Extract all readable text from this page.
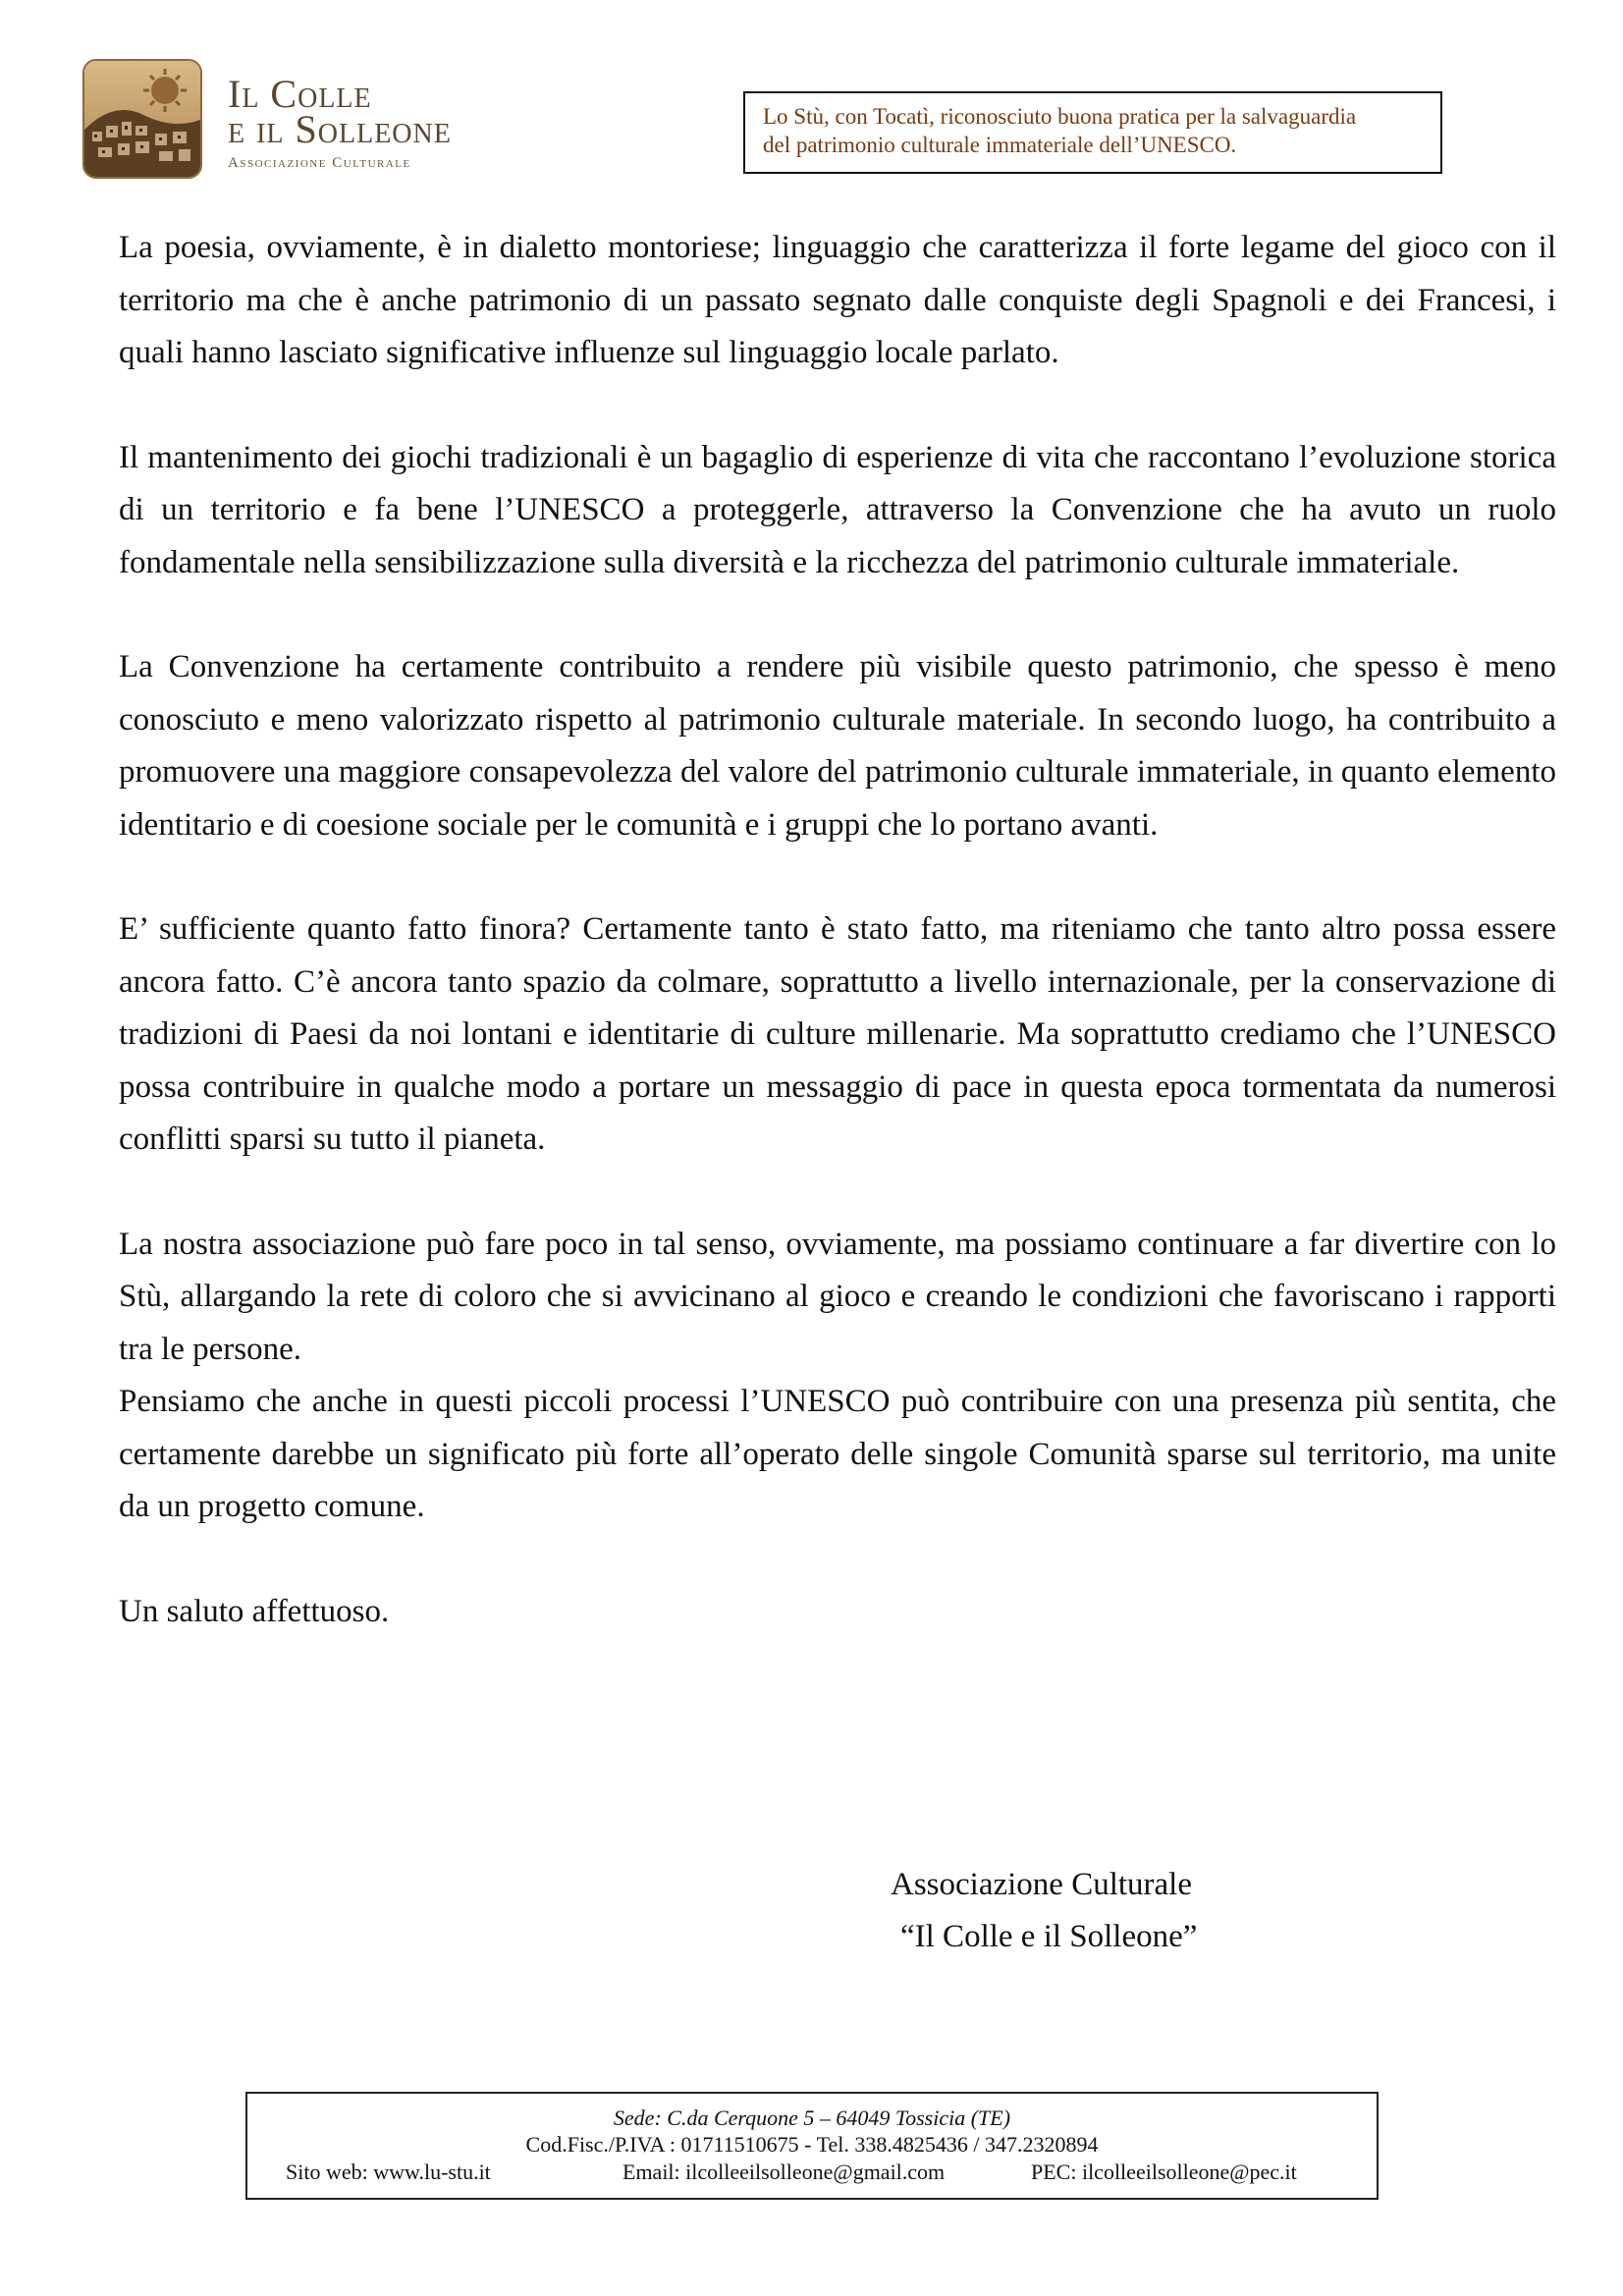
Il Colle
e il Solleone
Associazione Culturale
Lo Stù, con Tocatì, riconosciuto buona pratica per la salvaguardia
del patrimonio culturale immateriale dell’UNESCO.

La poesia, ovviamente, è in dialetto montoriese; linguaggio che caratterizza il forte legame del gioco con il territorio ma che è anche patrimonio di un passato segnato dalle conquiste degli Spagnoli e dei Francesi, i quali hanno lasciato significative influenze sul linguaggio locale parlato.

Il mantenimento dei giochi tradizionali è un bagaglio di esperienze di vita che raccontano l’evoluzione storica di un territorio e fa bene l’UNESCO a proteggerle, attraverso la Convenzione che ha avuto un ruolo fondamentale nella sensibilizzazione sulla diversità e la ricchezza del patrimonio culturale immateriale.

La Convenzione ha certamente contribuito a rendere più visibile questo patrimonio, che spesso è meno conosciuto e meno valorizzato rispetto al patrimonio culturale materiale. In secondo luogo, ha contribuito a promuovere una maggiore consapevolezza del valore del patrimonio culturale immateriale, in quanto elemento identitario e di coesione sociale per le comunità e i gruppi che lo portano avanti.

E’ sufficiente quanto fatto finora? Certamente tanto è stato fatto, ma riteniamo che tanto altro possa essere ancora fatto. C’è ancora tanto spazio da colmare, soprattutto a livello internazionale, per la conservazione di tradizioni di Paesi da noi lontani e identitarie di culture millenarie. Ma soprattutto crediamo che l’UNESCO possa contribuire in qualche modo a portare un messaggio di pace in questa epoca tormentata da numerosi conflitti sparsi su tutto il pianeta.

La nostra associazione può fare poco in tal senso, ovviamente, ma possiamo continuare a far divertire con lo Stù, allargando la rete di coloro che si avvicinano al gioco e creando le condizioni che favoriscano i rapporti tra le persone.

Pensiamo che anche in questi piccoli processi l’UNESCO può contribuire con una presenza più sentita, che certamente darebbe un significato più forte all’operato delle singole Comunità sparse sul territorio, ma unite da un progetto comune.

Un saluto affettuoso.

Associazione Culturale
“Il Colle e il Solleone”
Sede: C.da Cerquone 5 – 64049 Tossicia (TE)
Cod.Fisc./P.IVA : 01711510675 - Tel. 338.4825436 / 347.2320894
Sito web: www.lu-stu.it	Email: ilcolleeilsolleone@gmail.com	PEC: ilcolleeilsolleone@pec.it
